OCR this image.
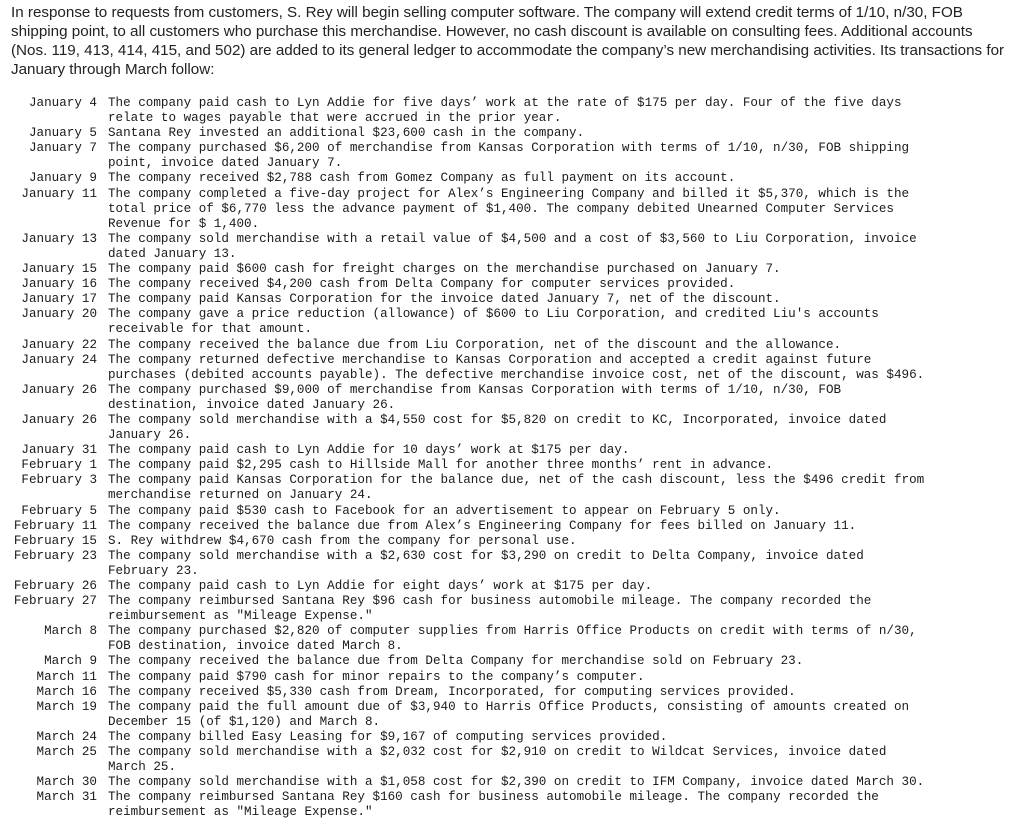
In response to requests from customers, S. Rey will begin selling computer software. The company will extend credit terms of 1/10, n/30, FOB shipping point, to all customers who purchase this merchandise. However, no cash discount is available on consulting fees. Additional accounts (Nos. 119, 413, 414, 415, and 502) are added to its general ledger to accommodate the company’s new merchandising activities. Its transactions for January through March follow:

January 4 The company paid cash to Lyn Addie for five days’ work at the rate of $175 per day. Four of the five days
relate to wages payable that were accrued in the prior year.
January 5 Santana Rey invested an additional $23,600 cash in the company.
January 7 The company purchased $6,200 of merchandise from Kansas Corporation with terms of 1/10, n/30, FOB shipping
point, invoice dated January 7.
January 9 The company received $2,788 cash from Gomez Company as full payment on its account.
January 11 The company completed a five-day project for Alex’s Engineering Company and billed it $5,370, which is the
total price of $6,770 less the advance payment of $1,400. The company debited Unearned Computer Services
Revenue for $ 1,400.
January 13 The company sold merchandise with a retail value of $4,500 and a cost of $3,560 to Liu Corporation, invoice
dated January 13.
January 15 The company paid $600 cash for freight charges on the merchandise purchased on January 7.
January 16 The company received $4,200 cash from Delta Company for computer services provided.
January 17 The company paid Kansas Corporation for the invoice dated January 7, net of the discount.
January 20 The company gave a price reduction (allowance) of $600 to Liu Corporation, and credited Liu's accounts
receivable for that amount.
January 22 The company received the balance due from Liu Corporation, net of the discount and the allowance.
January 24 The company returned defective merchandise to Kansas Corporation and accepted a credit against future
purchases (debited accounts payable). The defective merchandise invoice cost, net of the discount, was $496.
January 26 The company purchased $9,000 of merchandise from Kansas Corporation with terms of 1/10, n/30, FOB
destination, invoice dated January 26.
January 26 The company sold merchandise with a $4,550 cost for $5,820 on credit to KC, Incorporated, invoice dated
January 26.
January 31 The company paid cash to Lyn Addie for 10 days’ work at $175 per day.
February 1 The company paid $2,295 cash to Hillside Mall for another three months’ rent in advance.
February 3 The company paid Kansas Corporation for the balance due, net of the cash discount, less the $496 credit from
merchandise returned on January 24.
February 5 The company paid $530 cash to Facebook for an advertisement to appear on February 5 only.
February 11 The company received the balance due from Alex’s Engineering Company for fees billed on January 11.
February 15 S. Rey withdrew $4,670 cash from the company for personal use.
February 23 The company sold merchandise with a $2,630 cost for $3,290 on credit to Delta Company, invoice dated
February 23.
February 26 The company paid cash to Lyn Addie for eight days’ work at $175 per day.
February 27 The company reimbursed Santana Rey $96 cash for business automobile mileage. The company recorded the
reimbursement as "Mileage Expense."
March 8 The company purchased $2,820 of computer supplies from Harris Office Products on credit with terms of n/30,
FOB destination, invoice dated March 8.
March 9 The company received the balance due from Delta Company for merchandise sold on February 23.
March 11 The company paid $790 cash for minor repairs to the company’s computer.
March 16 The company received $5,330 cash from Dream, Incorporated, for computing services provided.
March 19 The company paid the full amount due of $3,940 to Harris Office Products, consisting of amounts created on
December 15 (of $1,120) and March 8.
March 24 The company billed Easy Leasing for $9,167 of computing services provided.
March 25 The company sold merchandise with a $2,032 cost for $2,910 on credit to Wildcat Services, invoice dated
March 25.
March 30 The company sold merchandise with a $1,058 cost for $2,390 on credit to IFM Company, invoice dated March 30.
March 31 The company reimbursed Santana Rey $160 cash for business automobile mileage. The company recorded the
reimbursement as "Mileage Expense."
